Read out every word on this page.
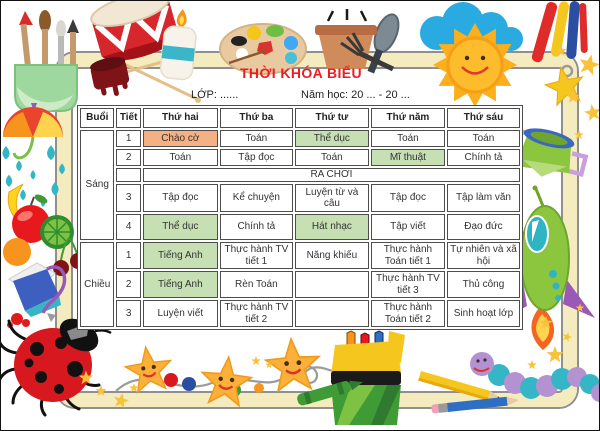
THỜI KHÓA BIỂU
LỚP: ......	Năm học: 20 ... - 20 ...
Buổi	Tiết	Thứ hai	Thứ ba	Thứ tư	Thứ năm	Thứ sáu
Sáng	1	Chào cờ	Toán	Thể dục	Toán	Toán
	2	Toán	Tập đọc	Toán	Mĩ thuật	Chính tả
		RA CHƠI				
	3	Tập đọc	Kể chuyện	Luyện từ và câu	Tập đọc	Tập làm văn
	4	Thể dục	Chính tả	Hát nhạc	Tập viết	Đạo đức
Chiều	1	Tiếng Anh	Thực hành TV tiết 1	Năng khiếu	Thực hành Toán tiết 1	Tự nhiên và xã hội
	2	Tiếng Anh	Rèn Toán		Thực hành TV tiết 3	Thủ công
	3	Luyện viết	Thực hành TV tiết 2		Thực hành Toán tiết 2	Sinh hoạt lớp
